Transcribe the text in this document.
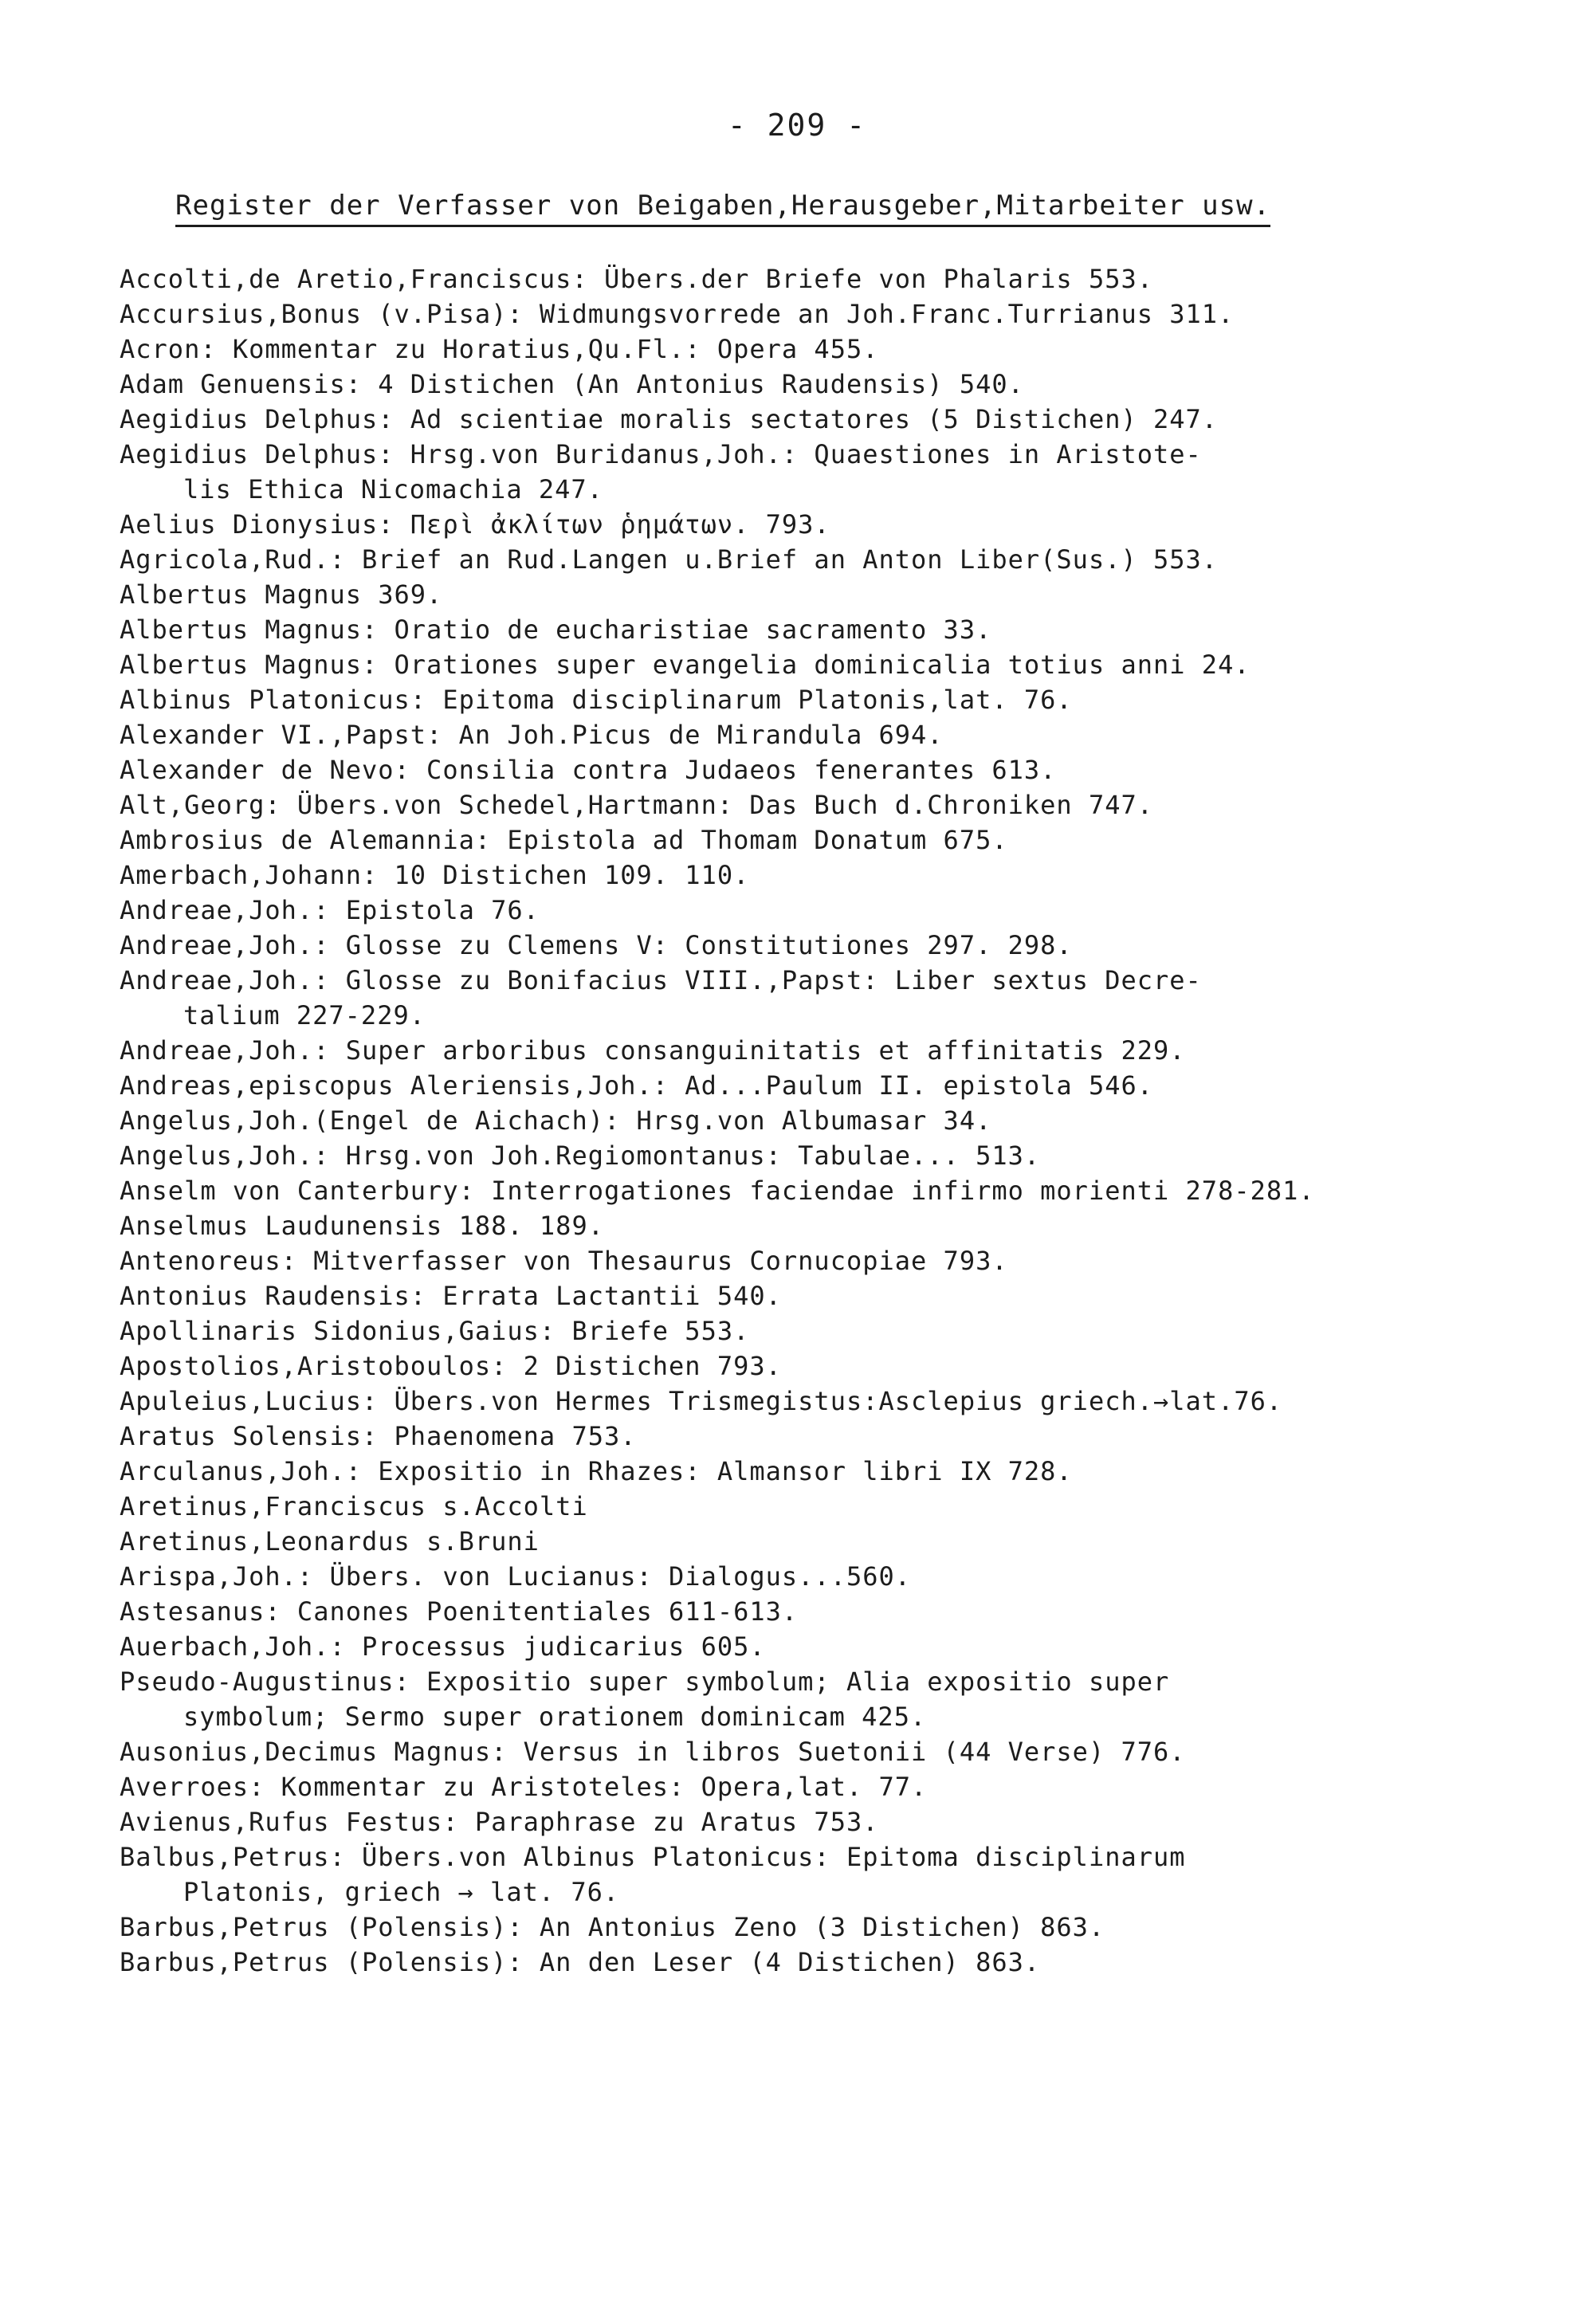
- 209 -
Register der Verfasser von Beigaben,Herausgeber,Mitarbeiter usw.
Accolti,de Aretio,Franciscus: Übers.der Briefe von Phalaris 553.
Accursius,Bonus (v.Pisa): Widmungsvorrede an Joh.Franc.Turrianus 311.
Acron: Kommentar zu Horatius,Qu.Fl.: Opera 455.
Adam Genuensis: 4 Distichen (An Antonius Raudensis) 540.
Aegidius Delphus: Ad scientiae moralis sectatores (5 Distichen) 247.
Aegidius Delphus: Hrsg.von Buridanus,Joh.: Quaestiones in Aristote-
lis Ethica Nicomachia 247.
Aelius Dionysius: Περὶ ἀκλίτων ῥημάτων. 793.
Agricola,Rud.: Brief an Rud.Langen u.Brief an Anton Liber(Sus.) 553.
Albertus Magnus 369.
Albertus Magnus: Oratio de eucharistiae sacramento 33.
Albertus Magnus: Orationes super evangelia dominicalia totius anni 24.
Albinus Platonicus: Epitoma disciplinarum Platonis,lat. 76.
Alexander VI.,Papst: An Joh.Picus de Mirandula 694.
Alexander de Nevo: Consilia contra Judaeos fenerantes 613.
Alt,Georg: Übers.von Schedel,Hartmann: Das Buch d.Chroniken 747.
Ambrosius de Alemannia: Epistola ad Thomam Donatum 675.
Amerbach,Johann: 10 Distichen 109. 110.
Andreae,Joh.: Epistola 76.
Andreae,Joh.: Glosse zu Clemens V: Constitutiones 297. 298.
Andreae,Joh.: Glosse zu Bonifacius VIII.,Papst: Liber sextus Decre-
talium 227-229.
Andreae,Joh.: Super arboribus consanguinitatis et affinitatis 229.
Andreas,episcopus Aleriensis,Joh.: Ad...Paulum II. epistola 546.
Angelus,Joh.(Engel de Aichach): Hrsg.von Albumasar 34.
Angelus,Joh.: Hrsg.von Joh.Regiomontanus: Tabulae... 513.
Anselm von Canterbury: Interrogationes faciendae infirmo morienti 278-281.
Anselmus Laudunensis 188. 189.
Antenoreus: Mitverfasser von Thesaurus Cornucopiae 793.
Antonius Raudensis: Errata Lactantii 540.
Apollinaris Sidonius,Gaius: Briefe 553.
Apostolios,Aristoboulos: 2 Distichen 793.
Apuleius,Lucius: Übers.von Hermes Trismegistus:Asclepius griech.→lat.76.
Aratus Solensis: Phaenomena 753.
Arculanus,Joh.: Expositio in Rhazes: Almansor libri IX 728.
Aretinus,Franciscus s.Accolti
Aretinus,Leonardus s.Bruni
Arispa,Joh.: Übers. von Lucianus: Dialogus...560.
Astesanus: Canones Poenitentiales 611-613.
Auerbach,Joh.: Processus judicarius 605.
Pseudo-Augustinus: Expositio super symbolum; Alia expositio super
symbolum; Sermo super orationem dominicam 425.
Ausonius,Decimus Magnus: Versus in libros Suetonii (44 Verse) 776.
Averroes: Kommentar zu Aristoteles: Opera,lat. 77.
Avienus,Rufus Festus: Paraphrase zu Aratus 753.
Balbus,Petrus: Übers.von Albinus Platonicus: Epitoma disciplinarum
Platonis, griech → lat. 76.
Barbus,Petrus (Polensis): An Antonius Zeno (3 Distichen) 863.
Barbus,Petrus (Polensis): An den Leser (4 Distichen) 863.
